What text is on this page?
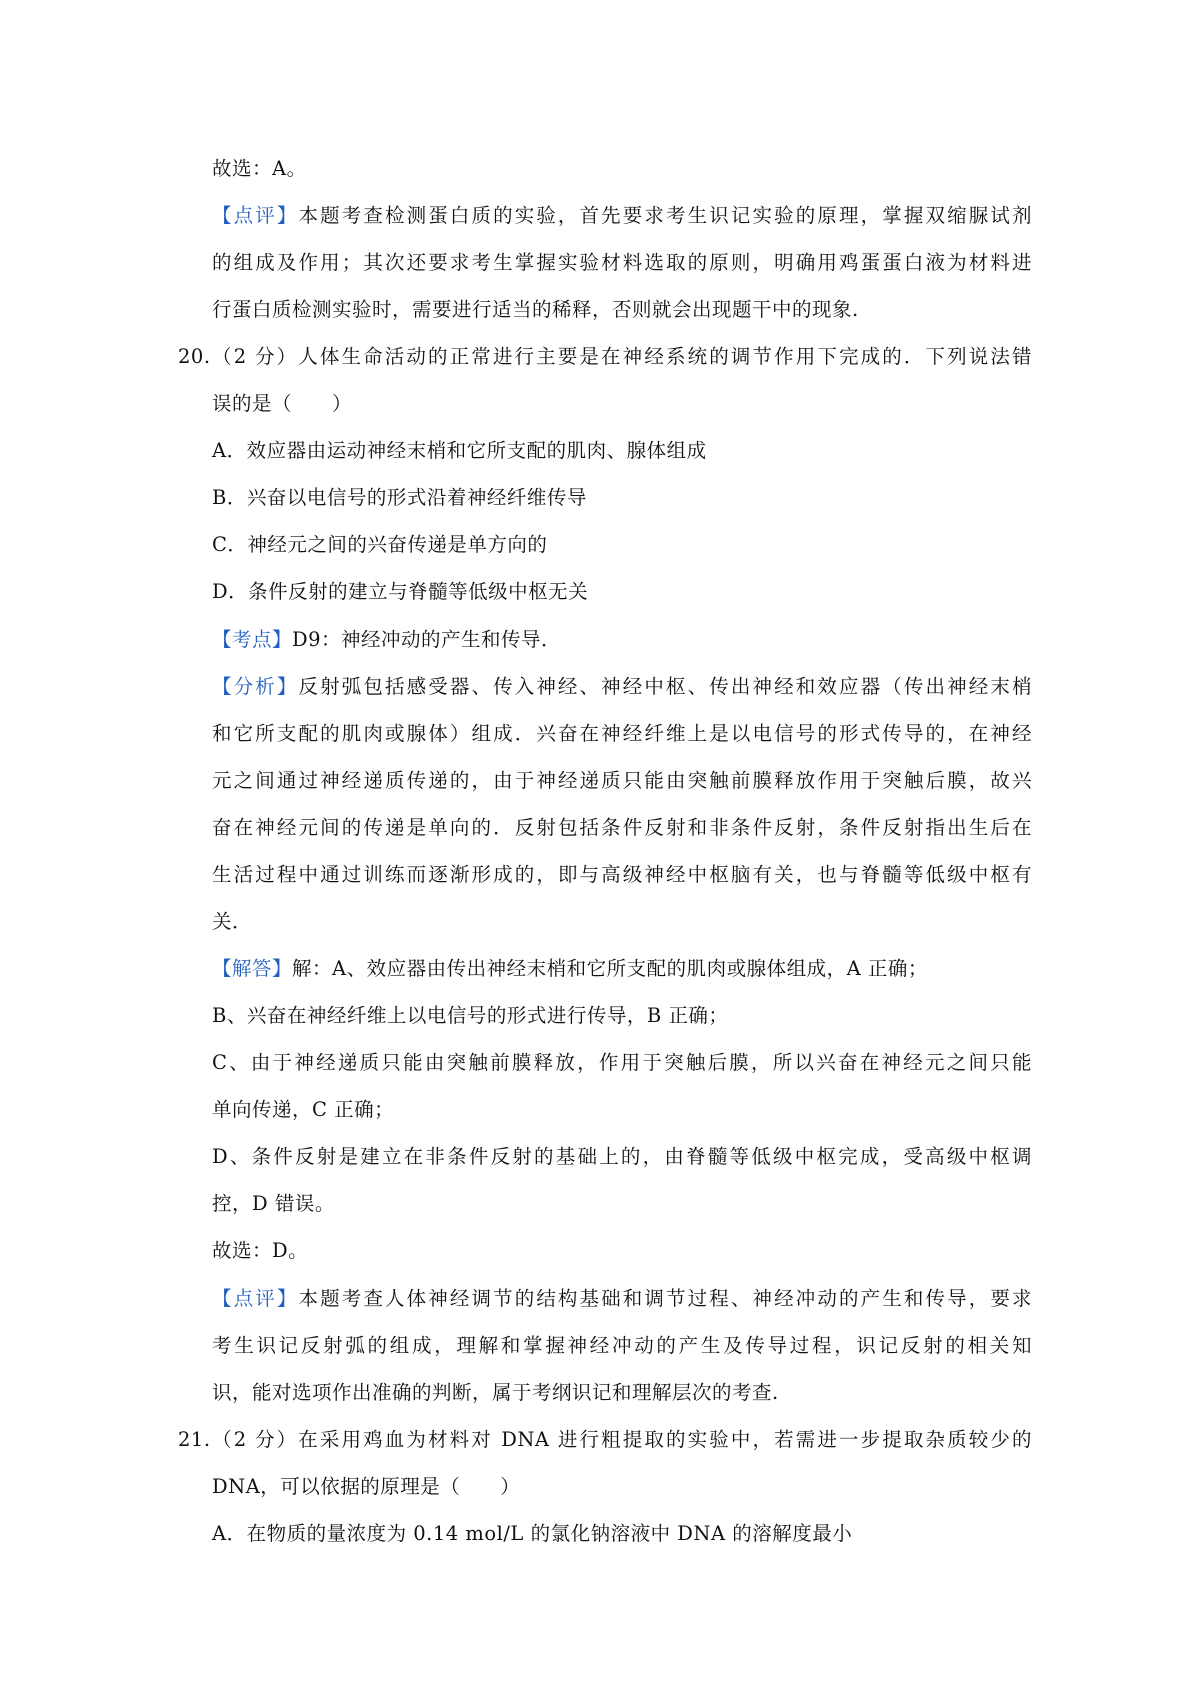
故选：A。
【点评】本题考查检测蛋白质的实验，首先要求考生识记实验的原理，掌握双缩脲试剂
的组成及作用；其次还要求考生掌握实验材料选取的原则，明确用鸡蛋蛋白液为材料进
行蛋白质检测实验时，需要进行适当的稀释，否则就会出现题干中的现象.
20.（2 分）人体生命活动的正常进行主要是在神经系统的调节作用下完成的．下列说法错
误的是（　　）
A．效应器由运动神经末梢和它所支配的肌肉、腺体组成
B．兴奋以电信号的形式沿着神经纤维传导
C．神经元之间的兴奋传递是单方向的
D．条件反射的建立与脊髓等低级中枢无关
【考点】D9：神经冲动的产生和传导．
【分析】反射弧包括感受器、传入神经、神经中枢、传出神经和效应器（传出神经末梢
和它所支配的肌肉或腺体）组成．兴奋在神经纤维上是以电信号的形式传导的，在神经
元之间通过神经递质传递的，由于神经递质只能由突触前膜释放作用于突触后膜，故兴
奋在神经元间的传递是单向的．反射包括条件反射和非条件反射，条件反射指出生后在
生活过程中通过训练而逐渐形成的，即与高级神经中枢脑有关，也与脊髓等低级中枢有
关．
【解答】解：A、效应器由传出神经末梢和它所支配的肌肉或腺体组成，A 正确；
B、兴奋在神经纤维上以电信号的形式进行传导，B 正确；
C、由于神经递质只能由突触前膜释放，作用于突触后膜，所以兴奋在神经元之间只能
单向传递，C 正确；
D、条件反射是建立在非条件反射的基础上的，由脊髓等低级中枢完成，受高级中枢调
控，D 错误。
故选：D。
【点评】本题考查人体神经调节的结构基础和调节过程、神经冲动的产生和传导，要求
考生识记反射弧的组成，理解和掌握神经冲动的产生及传导过程，识记反射的相关知
识，能对选项作出准确的判断，属于考纲识记和理解层次的考查.
21.（2 分）在采用鸡血为材料对 DNA 进行粗提取的实验中，若需进一步提取杂质较少的
DNA，可以依据的原理是（　　）
A．在物质的量浓度为 0.14 mol/L 的氯化钠溶液中 DNA 的溶解度最小
